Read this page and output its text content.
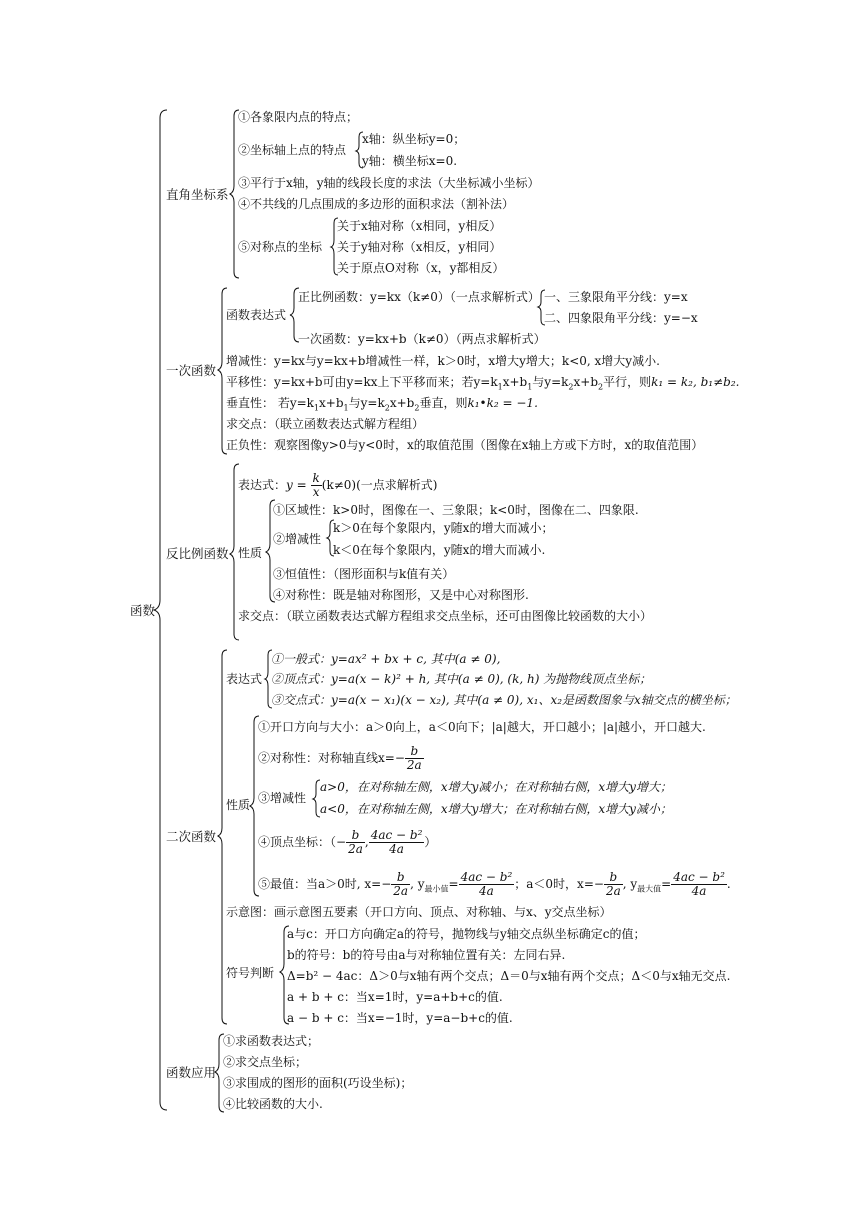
函数
直角坐标系
①各象限内点的特点；
②坐标轴上点的特点
x轴：纵坐标y=0；
y轴：横坐标x=0.
③平行于x轴，y轴的线段长度的求法（大坐标减小坐标）
④不共线的几点围成的多边形的面积求法（割补法）
⑤对称点的坐标
关于x轴对称（x相同，y相反）
关于y轴对称（x相反，y相同）
关于原点O对称（x，y都相反）
一次函数
函数表达式
正比例函数：y=kx（k≠0）（一点求解析式） 一、三象限角平分线：y=x
二、四象限角平分线：y=−x
一次函数：y=kx+b（k≠0）（两点求解析式）
增减性：y=kx与y=kx+b增减性一样，k＞0时，x增大y增大；k<0, x增大y减小.
平移性：y=kx+b可由y=kx上下平移而来；若$y=k_1x+b_1$与$y=k_2x+b_2$平行，则k₁ = k₂, b₁≠b₂.
垂直性： 若$y=k_1x+b_1$与$y=k_2x+b_2$垂直，则k₁•k₂ = −1.
求交点：（联立函数表达式解方程组）
正负性：观察图像y>0与y<0时，x的取值范围（图像在x轴上方或下方时，x的取值范围）
反比例函数
表达式：$y = \frac{k}{x} (k\ne 0)$(一点求解析式)
性质
①区域性：k>0时，图像在一、三象限；k<0时，图像在二、四象限.
②增减性
k＞0在每个象限内，y随x的增大而减小；
k＜0在每个象限内，y随x的增大而减小.
③恒值性：（图形面积与k值有关）
④对称性：既是轴对称图形，又是中心对称图形.
求交点：（联立函数表达式解方程组求交点坐标，还可由图像比较函数的大小）
二次函数
表达式
①一般式：y=ax² + bx + c, 其中(a ≠ 0),
②顶点式：y=a(x − k)² + h, 其中(a ≠ 0), (k, h) 为抛物线顶点坐标；
③交点式：y=a(x − x₁)(x − x₂), 其中(a ≠ 0), x₁、x₂是函数图象与x轴交点的横坐标；
性质
①开口方向与大小：a＞0向上，a＜0向下；|a|越大，开口越小；|a|越小，开口越大.
②对称性：对称轴直线$x=- \frac{b}{2a}$
③增减性
a>0，在对称轴左侧，x增大y减小；在对称轴右侧，x增大y增大；
a<0，在对称轴左侧，x增大y增大；在对称轴右侧，x增大y减小；
④顶点坐标：（− $\frac{b}{2a}$ , $\frac{\text{4ac − b²}}{4a}$ ）
⑤最值：当a＞0时, $x=- \frac{b}{2a}$ , $y_{最小值}= \frac{\text{4ac − b²}}{4a}$ ；a＜0时，$x=- \frac{b}{2a}$ , $y_{最大值}= \frac{\text{4ac − b²}}{4a}$ .
示意图：画示意图五要素（开口方向、顶点、对称轴、与x、y交点坐标）
符号判断
a与c：开口方向确定a的符号，抛物线与y轴交点纵坐标确定c的值；
b的符号：b的符号由a与对称轴位置有关：左同右异.
Δ=b² − 4ac：Δ＞0与x轴有两个交点；Δ＝0与x轴有两个交点；Δ＜0与x轴无交点.
a + b + c：当x=1时，y=a+b+c的值.
a − b + c：当x=−1时，y=a−b+c的值.
函数应用
①求函数表达式；
②求交点坐标；
③求围成的图形的面积(巧设坐标)；
④比较函数的大小.
